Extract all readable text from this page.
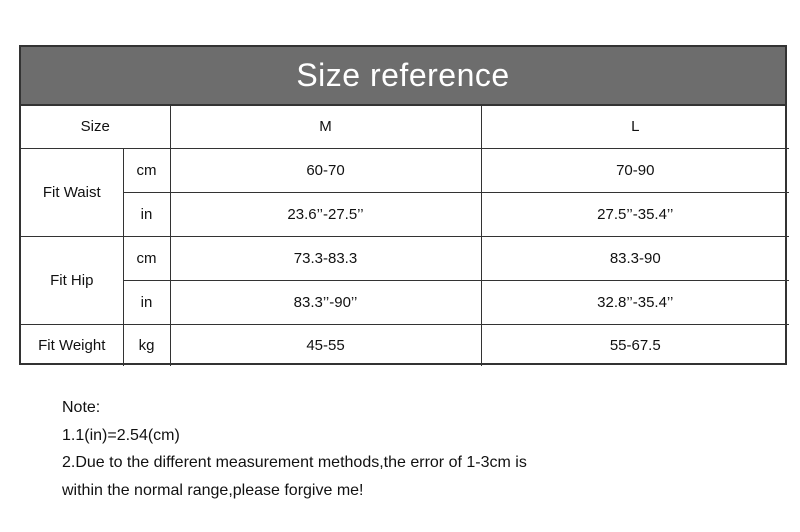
Size reference
Size		M	L
Fit Waist	cm	60-70	70-90
	in	23.6’’-27.5’’	27.5’’-35.4’’
Fit Hip	cm	73.3-83.3	83.3-90
	in	83.3’’-90’’	32.8’’-35.4’’
Fit Weight	kg	45-55	55-67.5
Note:
1.1(in)=2.54(cm)
2.Due to the different measurement methods,the error of 1-3cm is
within the normal range,please forgive me!
